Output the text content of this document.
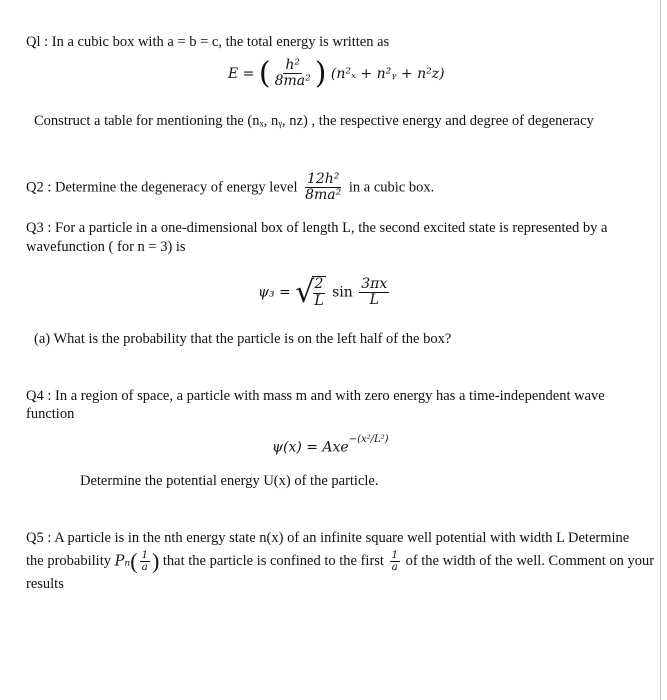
Ql : In a cubic box with a = b = c, the total energy is written as
E = ( $\frac{\text{h²}}{\text{8ma²}}$ ) (n²ₓ + n²ᵧ + n²z)
Construct a table for mentioning the (nₓ, nᵧ, nz) , the respective energy and degree of degeneracy
Q2 : Determine the degeneracy of energy level $\frac{\text{12h²}}{\text{8ma²}}$ in a cubic box.
Q3 : For a particle in a one-dimensional box of length L, the second excited state is represented by a
wavefunction ( for n = 3) is
ψ₃ = √
$\frac{2}{L}$ $\sin \frac{3\pi x}{L}$
(a) What is the probability that the particle is on the left half of the box?
Q4 : In a region of space, a particle with mass m and with zero energy has a time-independent wave
function
ψ(x) = Axe$^{-(x^2/L^2)}$
Determine the potential energy U(x) of the particle.
Q5 : A particle is in the nth energy state n(x) of an infinite square well potential with width L Determine
the probability $P_n( \frac{1}{a}$ ) that the particle is confined to the first $\frac{1}{a}$ of the width of the well. Comment on your
results
